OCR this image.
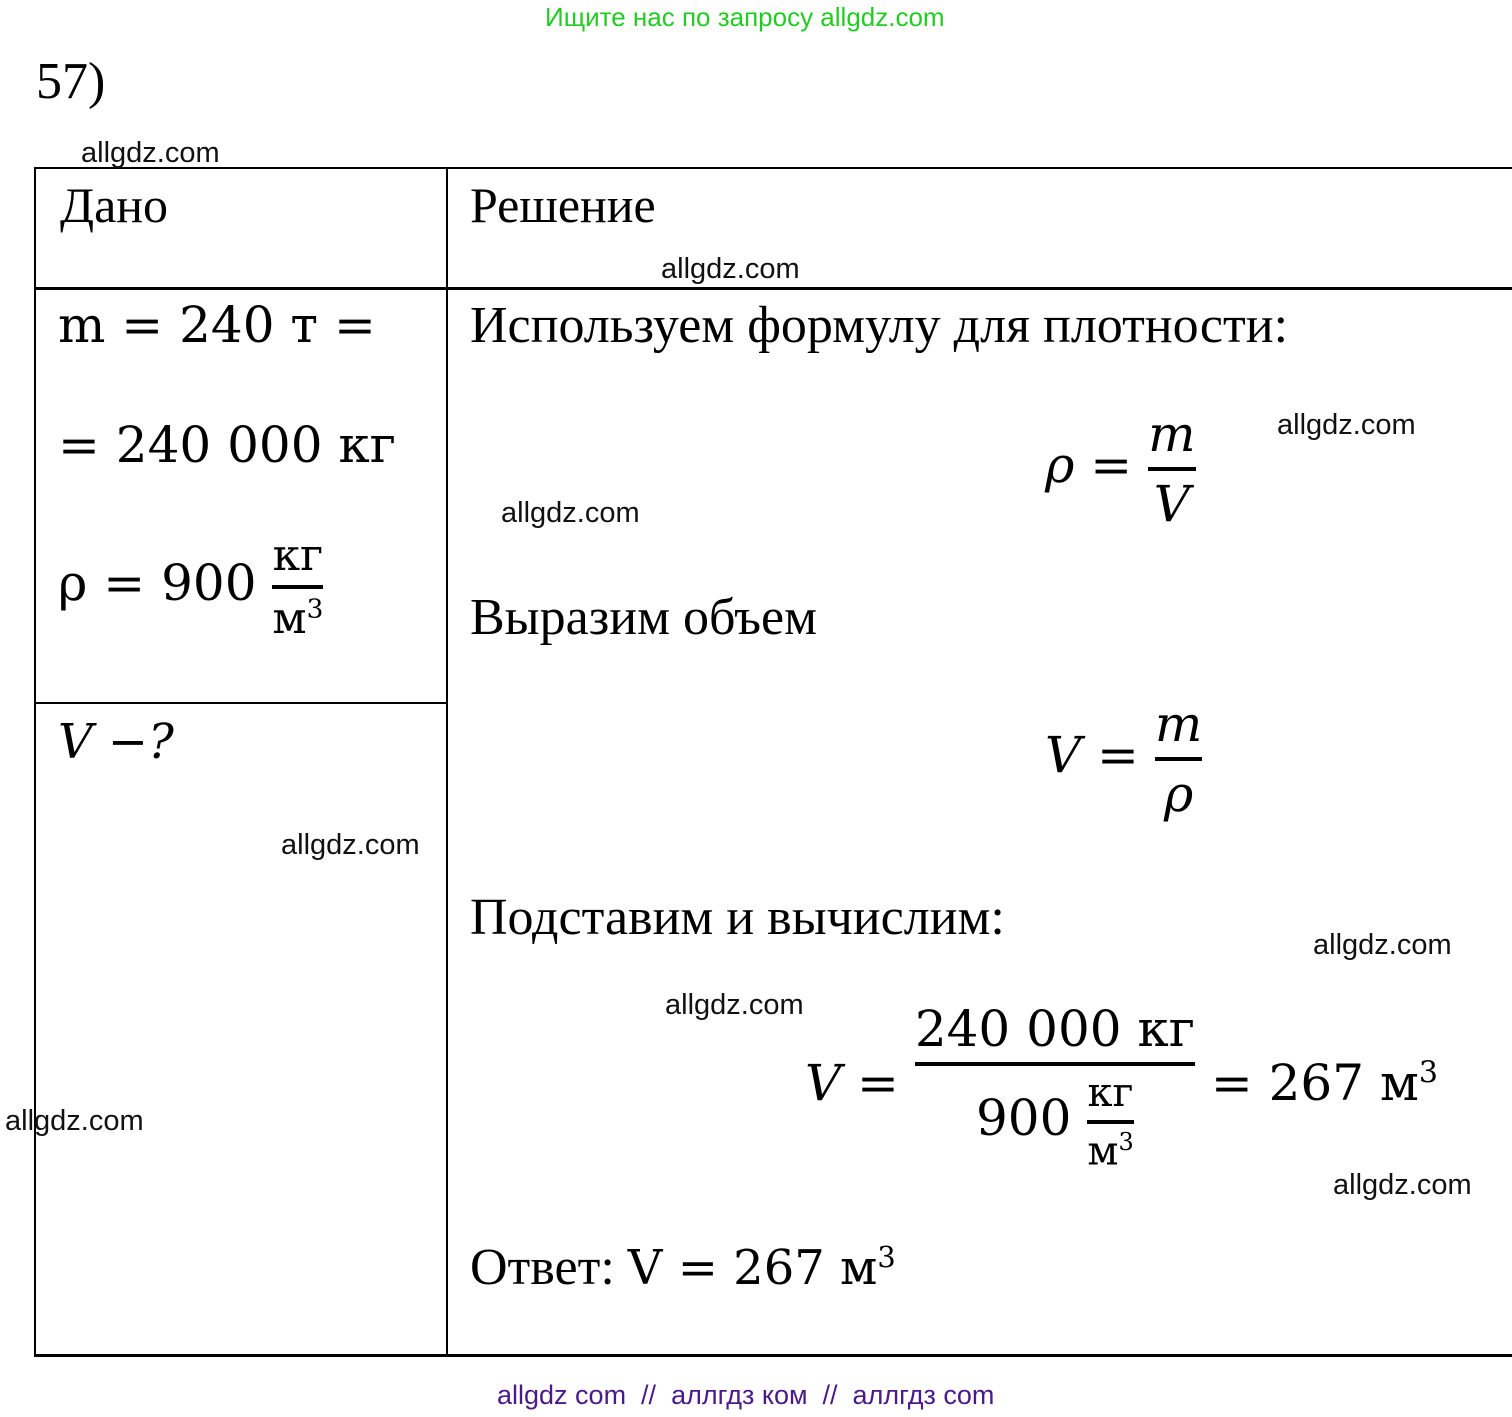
Ищите нас по запросу allgdz.com
57)
Дано	Решение
m = 240 т =
= 240 000 кг
$\rho = 900 \frac{кг}{м^3}$
V −?
Используем формулу для плотности:
$\rho = \frac{m}{V}$
Выразим объем
$V = \frac{m}{\rho}$
Подставим и вычислим:
$V = \frac{240 000 кг}{900 \frac{кг}{м^3}} = 267$ $м^3$
Ответ: V = 267 $м^3$
allgdz.com
allgdz.com
allgdz.com
allgdz.com
allgdz.com
allgdz.com
allgdz.com
allgdz.com
allgdz.com
allgdz com  //  аллгдз ком  //  аллгдз com
